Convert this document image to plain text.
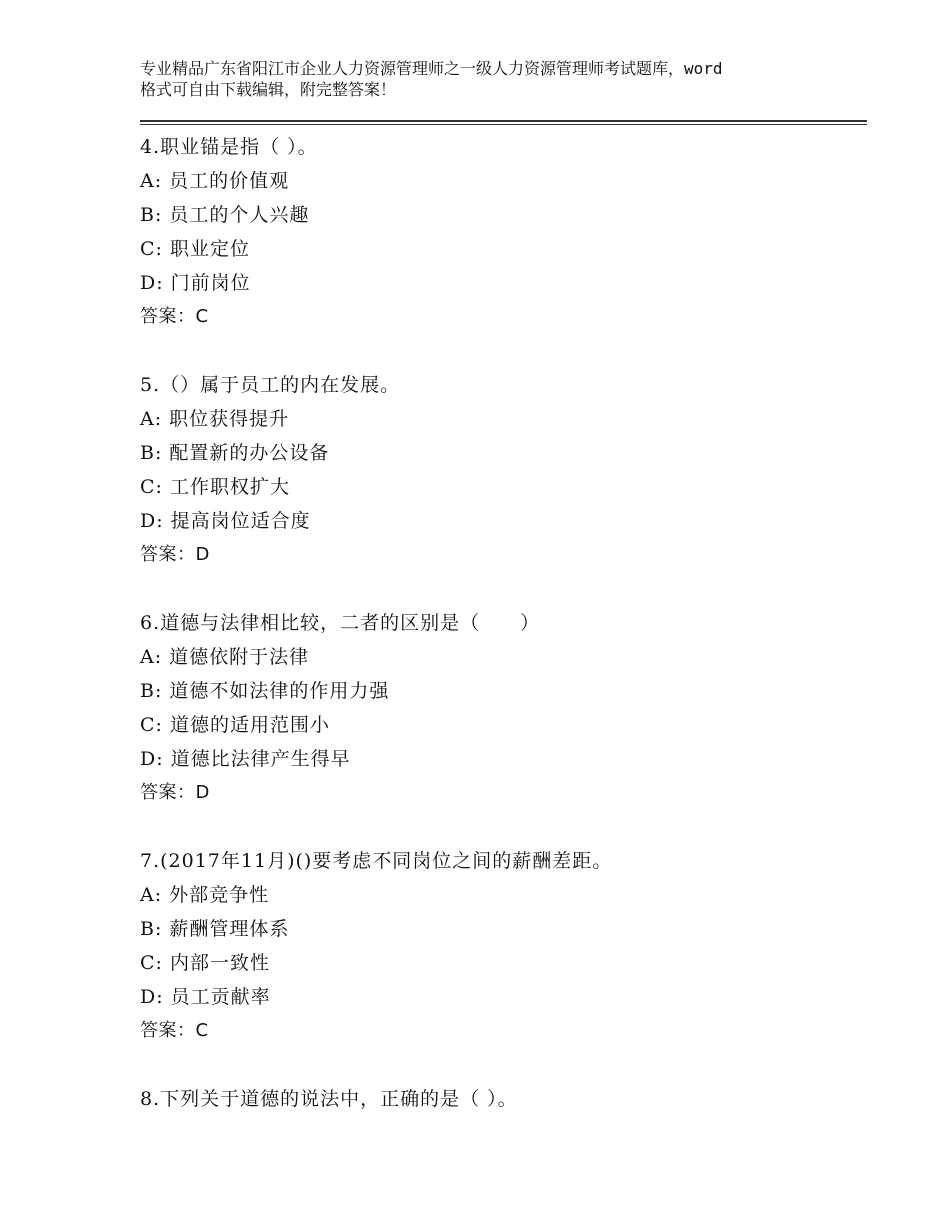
专业精品广东省阳江市企业人力资源管理师之一级人力资源管理师考试题库，word
格式可自由下载编辑，附完整答案！
4.职业锚是指（ ）。
A: 员工的价值观
B: 员工的个人兴趣
C: 职业定位
D: 门前岗位
答案：C
5.（）属于员工的内在发展。
A: 职位获得提升
B: 配置新的办公设备
C: 工作职权扩大
D: 提高岗位适合度
答案：D
6.道德与法律相比较，二者的区别是（　　）
A: 道德依附于法律
B: 道德不如法律的作用力强
C: 道德的适用范围小
D: 道德比法律产生得早
答案：D
7.(2017年11月)()要考虑不同岗位之间的薪酬差距。
A: 外部竞争性
B: 薪酬管理体系
C: 内部一致性
D: 员工贡献率
答案：C
8.下列关于道德的说法中，正确的是（ ）。
